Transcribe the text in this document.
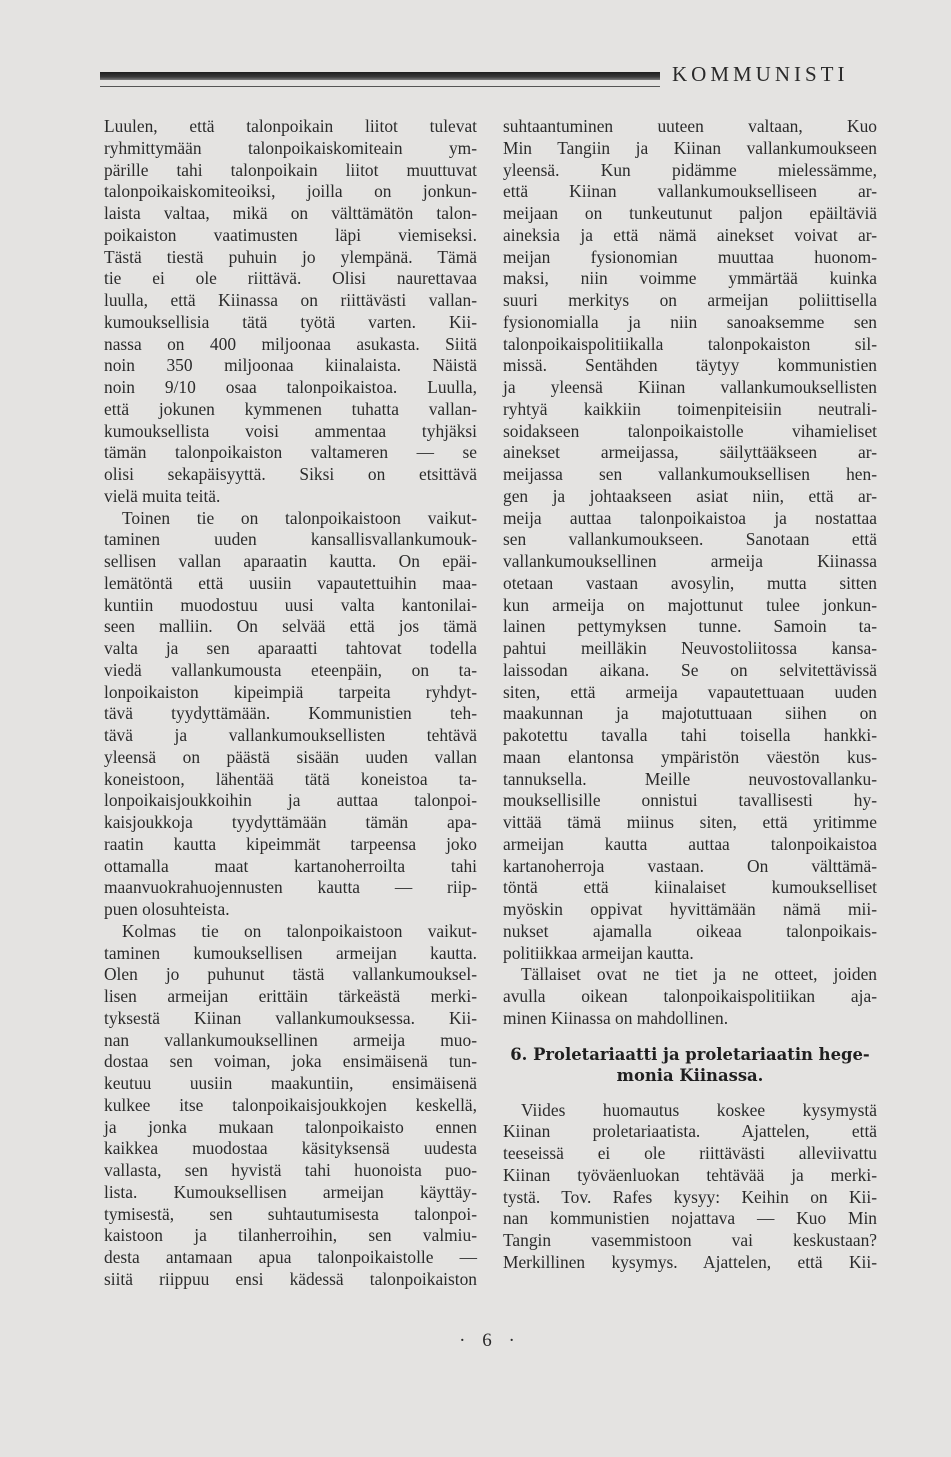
KOMMUNISTI
Luulen, että talonpoikain liitot tulevat
ryhmittymään talonpoikaiskomiteain ym-
pärille tahi talonpoikain liitot muuttuvat
talonpoikaiskomiteoiksi, joilla on jonkun-
laista valtaa, mikä on välttämätön talon-
poikaiston vaatimusten läpi viemiseksi.
Tästä tiestä puhuin jo ylempänä. Tämä
tie ei ole riittävä. Olisi naurettavaa
luulla, että Kiinassa on riittävästi vallan-
kumouksellisia tätä työtä varten. Kii-
nassa on 400 miljoonaa asukasta. Siitä
noin 350 miljoonaa kiinalaista. Näistä
noin 9/10 osaa talonpoikaistoa. Luulla,
että jokunen kymmenen tuhatta vallan-
kumouksellista voisi ammentaa tyhjäksi
tämän talonpoikaiston valtameren — se
olisi sekapäisyyttä. Siksi on etsittävä
vielä muita teitä.
Toinen tie on talonpoikaistoon vaikut-
taminen uuden kansallisvallankumouk-
sellisen vallan aparaatin kautta. On epäi-
lemätöntä että uusiin vapautettuihin maa-
kuntiin muodostuu uusi valta kantonilai-
seen malliin. On selvää että jos tämä
valta ja sen aparaatti tahtovat todella
viedä vallankumousta eteenpäin, on ta-
lonpoikaiston kipeimpiä tarpeita ryhdyt-
tävä tyydyttämään. Kommunistien teh-
tävä ja vallankumouksellisten tehtävä
yleensä on päästä sisään uuden vallan
koneistoon, lähentää tätä koneistoa ta-
lonpoikaisjoukkoihin ja auttaa talonpoi-
kaisjoukkoja tyydyttämään tämän apa-
raatin kautta kipeimmät tarpeensa joko
ottamalla maat kartanoherroilta tahi
maanvuokrahuojennusten kautta — riip-
puen olosuhteista.
Kolmas tie on talonpoikaistoon vaikut-
taminen kumouksellisen armeijan kautta.
Olen jo puhunut tästä vallankumouksel-
lisen armeijan erittäin tärkeästä merki-
tyksestä Kiinan vallankumouksessa. Kii-
nan vallankumouksellinen armeija muo-
dostaa sen voiman, joka ensimäisenä tun-
keutuu uusiin maakuntiin, ensimäisenä
kulkee itse talonpoikaisjoukkojen keskellä,
ja jonka mukaan talonpoikaisto ennen
kaikkea muodostaa käsityksensä uudesta
vallasta, sen hyvistä tahi huonoista puo-
lista. Kumouksellisen armeijan käyttäy-
tymisestä, sen suhtautumisesta talonpoi-
kaistoon ja tilanherroihin, sen valmiu-
desta antamaan apua talonpoikaistolle —
siitä riippuu ensi kädessä talonpoikaiston
suhtaantuminen uuteen valtaan, Kuo
Min Tangiin ja Kiinan vallankumoukseen
yleensä. Kun pidämme mielessämme,
että Kiinan vallankumoukselliseen ar-
meijaan on tunkeutunut paljon epäiltäviä
aineksia ja että nämä ainekset voivat ar-
meijan fysionomian muuttaa huonom-
maksi, niin voimme ymmärtää kuinka
suuri merkitys on armeijan poliittisella
fysionomialla ja niin sanoaksemme sen
talonpoikaispolitiikalla talonpokaiston sil-
missä. Sentähden täytyy kommunistien
ja yleensä Kiinan vallankumouksellisten
ryhtyä kaikkiin toimenpiteisiin neutrali-
soidakseen talonpoikaistolle vihamieliset
ainekset armeijassa, säilyttääkseen ar-
meijassa sen vallankumouksellisen hen-
gen ja johtaakseen asiat niin, että ar-
meija auttaa talonpoikaistoa ja nostattaa
sen vallankumoukseen. Sanotaan että
vallankumouksellinen armeija Kiinassa
otetaan vastaan avosylin, mutta sitten
kun armeija on majottunut tulee jonkun-
lainen pettymyksen tunne. Samoin ta-
pahtui meilläkin Neuvostoliitossa kansa-
laissodan aikana. Se on selvitettävissä
siten, että armeija vapautettuaan uuden
maakunnan ja majotuttuaan siihen on
pakotettu tavalla tahi toisella hankki-
maan elantonsa ympäristön väestön kus-
tannuksella. Meille neuvostovallanku-
mouksellisille onnistui tavallisesti hy-
vittää tämä miinus siten, että yritimme
armeijan kautta auttaa talonpoikaistoa
kartanoherroja vastaan. On välttämä-
töntä että kiinalaiset kumoukselliset
myöskin oppivat hyvittämään nämä mii-
nukset ajamalla oikeaa talonpoikais-
politiikkaa armeijan kautta.
Tällaiset ovat ne tiet ja ne otteet, joiden
avulla oikean talonpoikaispolitiikan aja-
minen Kiinassa on mahdollinen.
6. Proletariaatti ja proletariaatin hege-
monia Kiinassa.
Viides huomautus koskee kysymystä
Kiinan proletariaatista. Ajattelen, että
teeseissä ei ole riittävästi alleviivattu
Kiinan työväenluokan tehtävää ja merki-
tystä. Tov. Rafes kysyy: Keihin on Kii-
nan kommunistien nojattava — Kuo Min
Tangin vasemmistoon vai keskustaan?
Merkillinen kysymys. Ajattelen, että Kii-
· 6 ·
